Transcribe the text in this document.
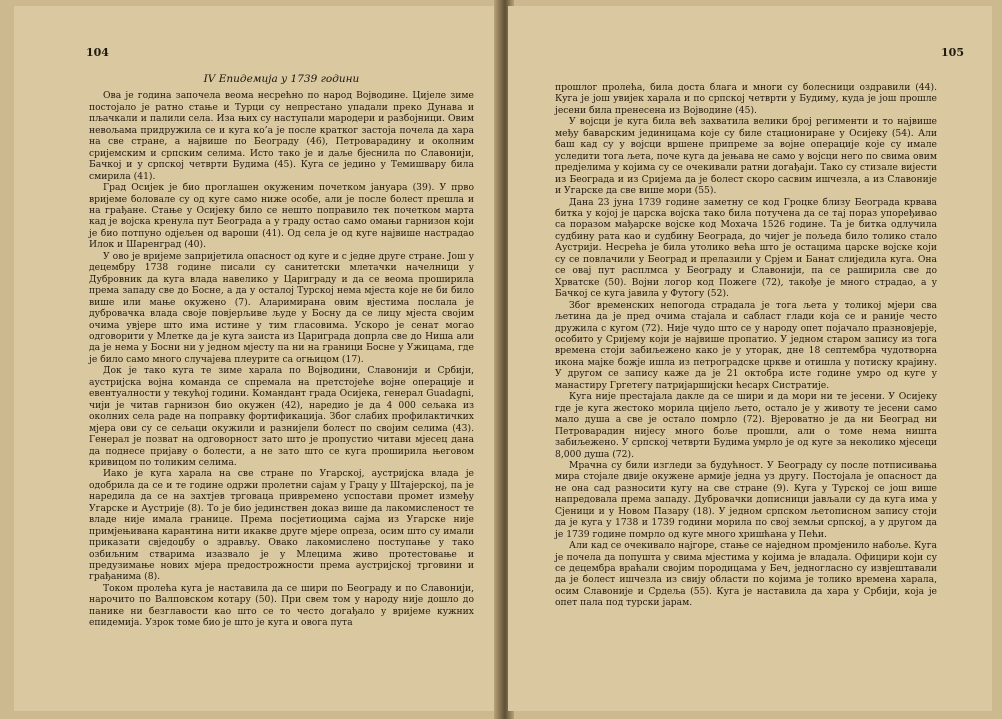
104
IV Епидемија у 1739 години

Ова је година започела веома несрећно по народ Војводине. Цијеле зиме постојало је ратно стање и Турци су непрестано упадали преко Дунава и пљачкали и палили села. Иза њих су наступали мародери и разбојници. Овим невољама придружила се и куга ко’а је после кратког застоја почела да хара на све стране, а највише по Београду (46), Петроварадину и околним сријемским и српским селима. Исто тако је и даље бјеснила по Славонији, Бачкој и у српској четврти Будима (45). Куга се једино у Темишвару била смирила (41).

Град Осијек је био проглашен окуженим почетком јануара (39). У прво вријеме боловале су од куге само ниже особе, али је после болест прешла и на грађане. Стање у Осијеку било се нешто поправило тек почетком марта кад је војска кренула пут Београда а у граду остао само омањи гарнизон који је био потпуно одјељен од вароши (41). Од села је од куге највише настрадао Илок и Шаренград (40).

У ово је вријеме запријетила опасност од куге и с једне друге стране. Још у децембру 1738 године писали су санитетски млетачки начелници у Дубровник да куга влада навелико у Цариграду и да се веома проширила према западу све до Босне, а да у осталој Турској нема мјеста које не би било више или мање окужено (7). Аларимирана овим вјестима послала је дубровачка влада своје повјерљиве људе у Босну да се лицу мјеста својим очима увјере што има истине у тим гласовима. Ускоро је сенат могао одговорити у Млетке да је куга заиста из Цариграда допрла све до Ниша али да је нема у Босни ни у једном мјесту па ни на граници Босне у Ужицама, где је било само много случајева плеурите са огњицом (17).

Док је тако куга те зиме харала по Војводини, Славонији и Србији, аустријска војна команда се спремала на претстојеће војне операције и евентуалности у текућој години. Командант града Осијека, генерал Guadagni, чији је читав гарнизон био окужен (42), наредио је да 4 000 сељака из околних села раде на поправку фортификација. Због слабих профилактичких мјера ови су се сељаци окужили и разнијели болест по својим селима (43). Генерал је позват на одговорност зато што је пропустио читави мјесец дана да поднесе пријаву о болести, а не зато што се куга проширила његовом кривицом по толиким селима.

Иако је куга харала на све стране по Угарској, аустријска влада је одобрила да се и те године одржи пролетни сајам у Грацу у Штајерској, па је наредила да се на захтјев трговаца привремено успостави промет између Угарске и Аустрије (8). То је био јединствен доказ више да лакомисленост те владе није имала границе. Према посјетиоцима сајма из Угарске није примјењивана карантина нити икакве друге мјере опреза, осим што су имали приказати свједоџбу о здрављу. Овако лакомислено поступање у тако озбиљним стварима изазвало је у Млецима живо протестовање и предузимање нових мјера предострожности према аустријској трговини и грађанима (8).

Током пролећа куга је наставила да се шири по Београду и по Славонији, нарочито по Валповском котару (50). При свем том у народу није дошло до панике ни безглавости као што се то често догађало у вријеме кужних епидемија. Узрок томе био је што је куга и овога пута

105

прошлог пролећа, била доста блага и многи су болесници оздравили (44). Куга је још увијек харала и по српској четврти у Будиму, куда је још прошле јесени била пренесена из Војводине (45).

У војсци је куга била већ захватила велики број регименти и то највише међу баварским јединицама које су биле стациониране у Осијеку (54). Али баш кад су у војсци вршене припреме за војне операције које су имале уследити тога љета, поче куга да јењава не само у војсци него по свима овим предјелима у којима су се очекивали ратни догађаји. Тако су стизале вијести из Београда и из Сријема да је болест скоро сасвим ишчезла, а из Славоније и Угарске да све више мори (55).

Дана 23 јуна 1739 године заметну се код Гроцке близу Београда крвава битка у којој је царска војска тако била потучена да се тај пораз упоређивао са поразом мађарске војске код Мохача 1526 године. Та је битка одлучила судбину рата као и судбину Београда, до чијег је пољеда било толико стало Аустрији. Несрећа је била утолико већа што је остацима царске војске који су се повлачили у Београд и прелазили у Срјем и Банат слиједила куга. Она се овај пут расплмса у Београду и Славонији, па се раширила све до Хрватске (50). Војни логор код Пожеге (72), такође је много страдао, а у Бачкој се куга јавила у Футогу (52).

Због временских непогода страдала је тога љета у толикој мјери сва љетина да је пред очима стајала и сабласт глади која се и раније често дружила с кугом (72). Није чудо што се у народу опет појачало празновјерје, особито у Сријему који је највише пропатио. У једном старом запису из тога времена стоји забиљежено како је у уторак, дне 18 септембра чудотворна икона мајке божје ишла из петроградске цркве и отишла у потиску крајину. У другом се запису каже да је 21 октобра исте године умро од куге у манастиру Гргетегу патријаршијски ћесарх Систратије.

Куга није престајала дакле да се шири и да мори ни те јесени. У Осијеку где је куга жестоко морила цијело љето, остало је у животу те јесени само мало душа а све је остало помрло (72). Вјероватно је да ни Београд ни Петроварадин нијесу много боље прошли, али о томе нема ништа забиљежено. У српској четврти Будима умрло је од куге за неколико мјесеци 8,000 душа (72).

Мрачна су били изгледи за будућност. У Београду су после потписивања мира стојале двије окужене армије једна уз другу. Постојала је опасност да не она сад разносити кугу на све стране (9). Куга у Турској се још више напредовала према западу. Дубровачки дописници јављали су да куга има у Сјеници и у Новом Пазару (18). У једном српском љетописном запису стоји да је куга у 1738 и 1739 години морила по свој земљи српској, а у другом да је 1739 године помрло од куге много хришћана у Пећи.

Али кад се очекивало најгоре, стање се наједном промјенило набоље. Куга је почела да попушта у свима мјестима у којима је владала. Официри који су се децембра враћали својим породицама у Беч, једногласно су извјештавали да је болест ишчезла из свију области по којима је толико времена харала, осим Славоније и Срдеља (55). Куга је наставила да хара у Србији, која је опет пала под турски јарам.
